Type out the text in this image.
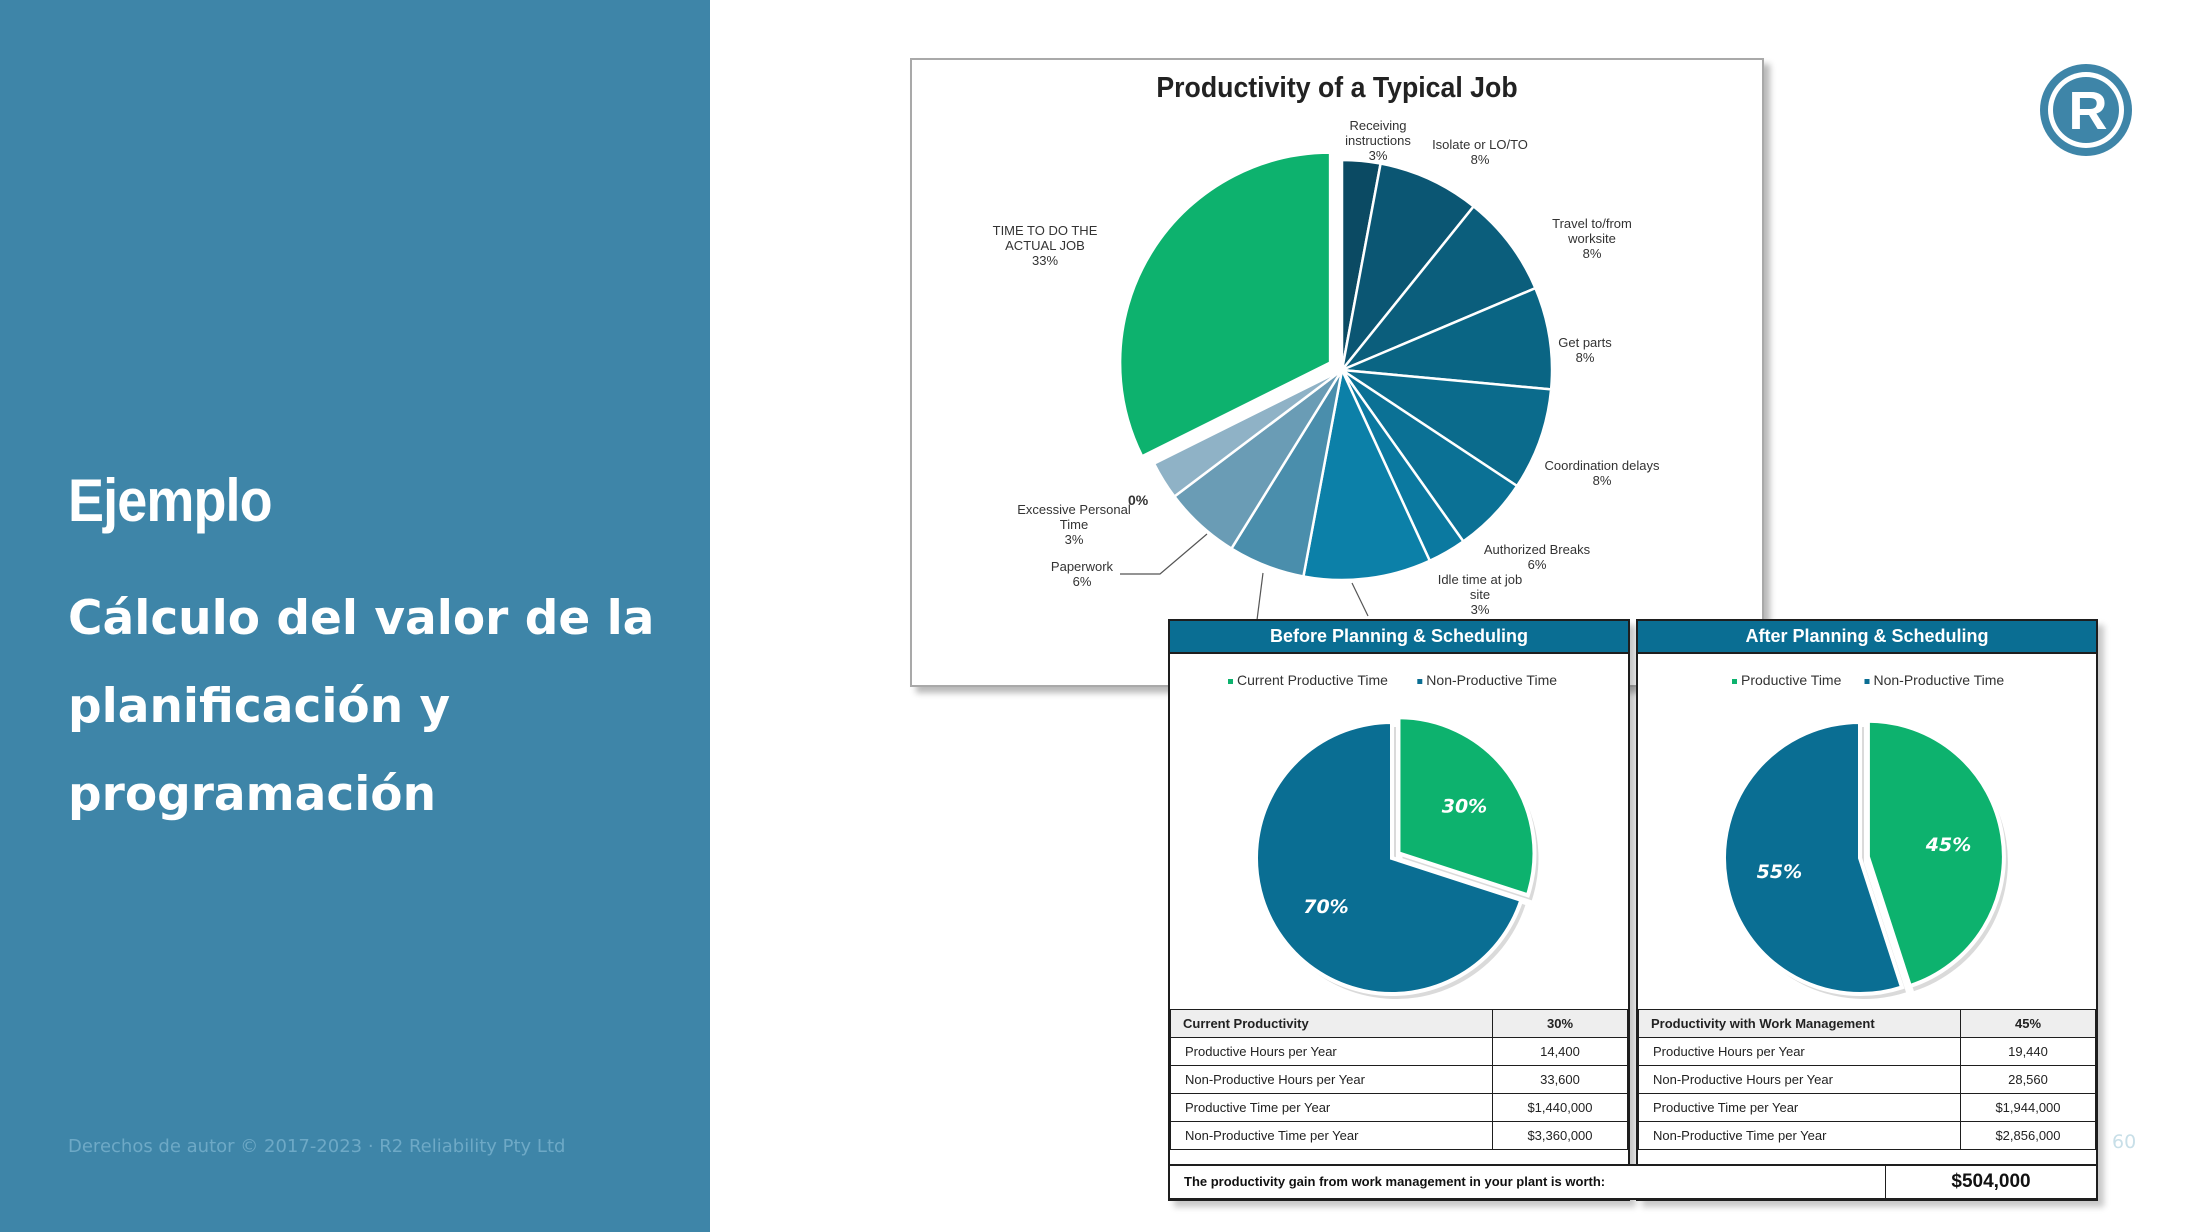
Ejemplo
Cálculo del valor de la planificación y programación
Derechos de autor © 2017-2023 · R2 Reliability Pty Ltd	60
R
Productivity of a Typical Job
Receiving instructions 3%
Isolate or LO/TO 8%
Travel to/from worksite 8%
Get parts 8%
Coordination delays 8%
Authorized Breaks 6%
Idle time at job site 3%
Paperwork 6%
Excessive Personal Time 3%
TIME TO DO THE ACTUAL JOB 33%
0%
Before Planning & Scheduling
Current Productive Time	Non-Productive Time
30%
70%
Current Productivity	30%
Productive Hours per Year	14,400
Non-Productive Hours per Year	33,600
Productive Time per Year	$1,440,000
Non-Productive Time per Year	$3,360,000
After Planning & Scheduling
Productive Time Non-Productive Time
45%
55%
Productivity with Work Management	45%
Productive Hours per Year	19,440
Non-Productive Hours per Year	28,560
Productive Time per Year	$1,944,000
Non-Productive Time per Year	$2,856,000
The productivity gain from work management in your plant is worth:	$504,000
